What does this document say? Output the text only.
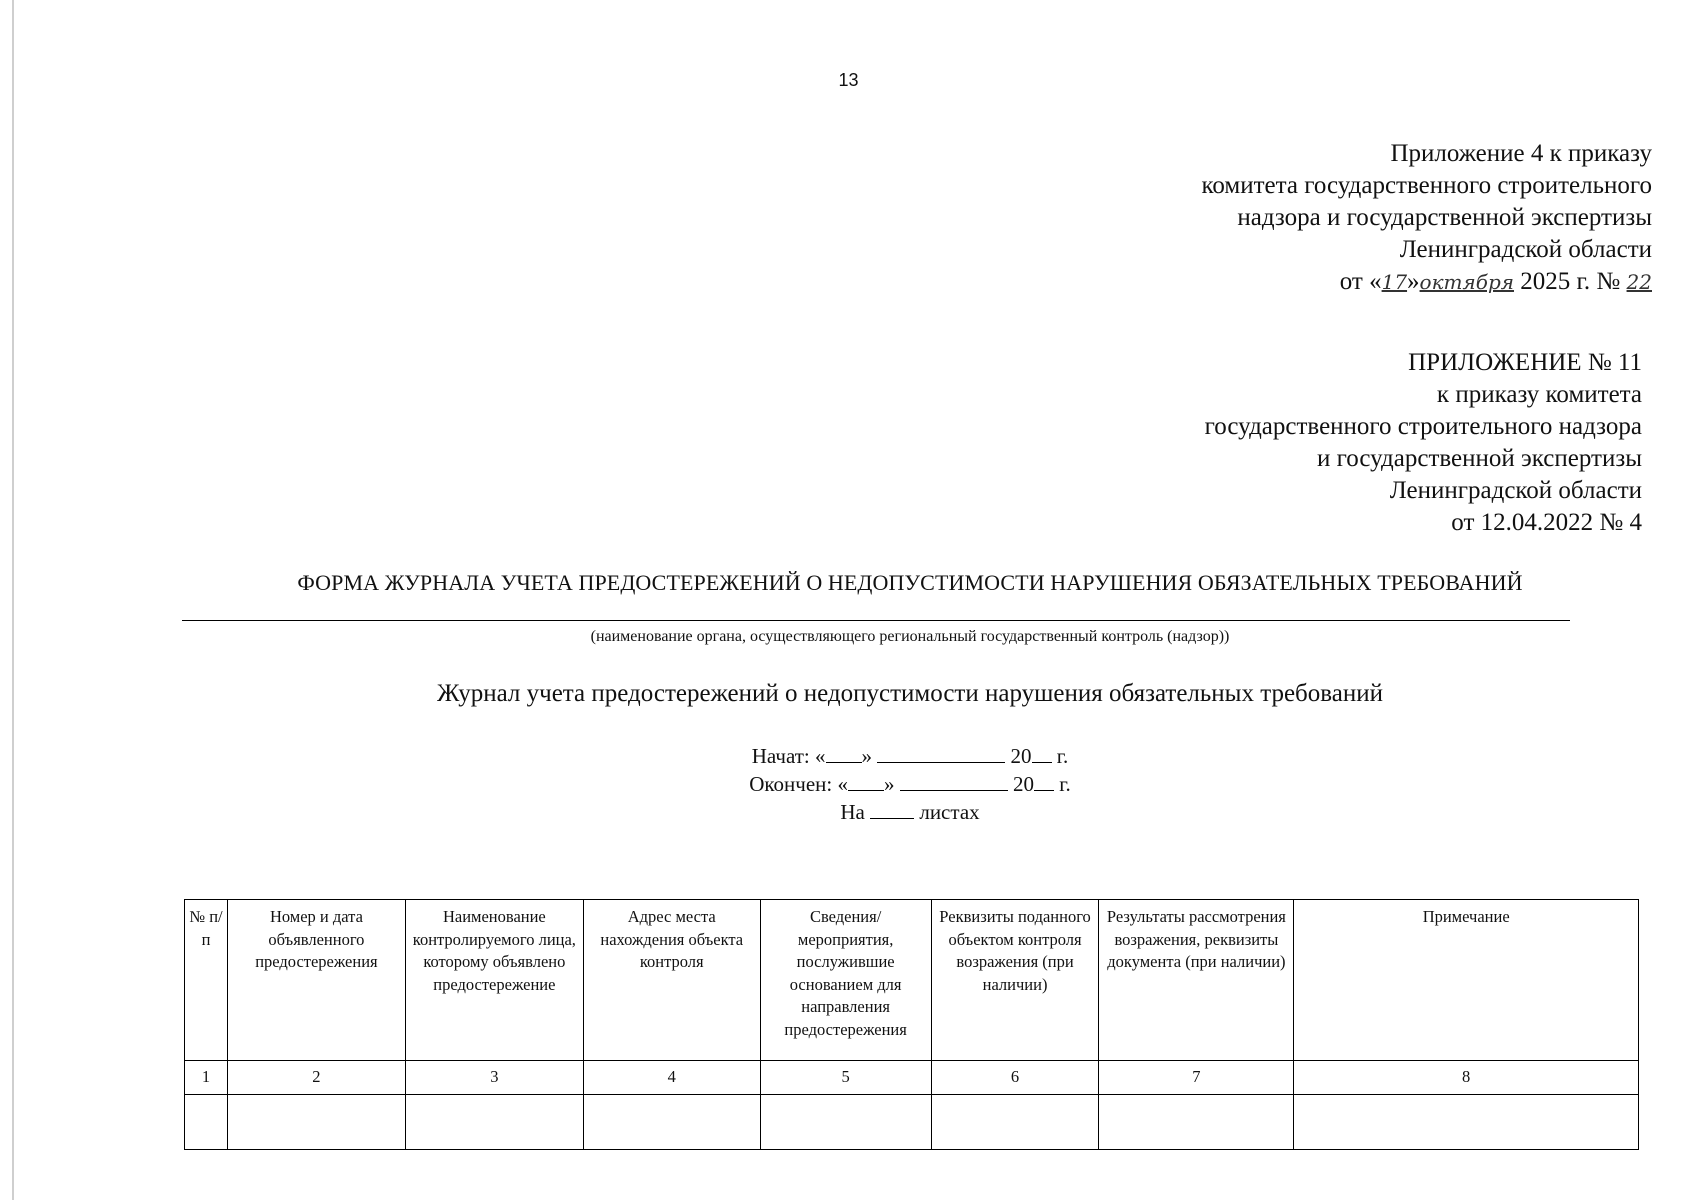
13
Приложение 4 к приказу
комитета государственного строительного
надзора и государственной экспертизы
Ленинградской области
от «17»октября 2025 г. № 22
ПРИЛОЖЕНИЕ № 11
к приказу комитета
государственного строительного надзора
и государственной экспертизы
Ленинградской области
от 12.04.2022 № 4
ФОРМА ЖУРНАЛА УЧЕТА ПРЕДОСТЕРЕЖЕНИЙ О НЕДОПУСТИМОСТИ НАРУШЕНИЯ ОБЯЗАТЕЛЬНЫХ ТРЕБОВАНИЙ
(наименование органа, осуществляющего региональный государственный контроль (надзор))
Журнал учета предостережений о недопустимости нарушения обязательных требований
Начат: « »	20 г.
Окончен: « »	20 г.
На	листах
№ п/п	Номер и дата объявленного предостережения	Наименование контролируемого лица, которому объявлено предостережение	Адрес места нахождения объекта контроля	Сведения/ мероприятия, послужившие основанием для направления предостережения	Реквизиты поданного объектом контроля возражения (при наличии)	Результаты рассмотрения возражения, реквизиты документа (при наличии)	Примечание
1	2	3	4	5	6	7	8
